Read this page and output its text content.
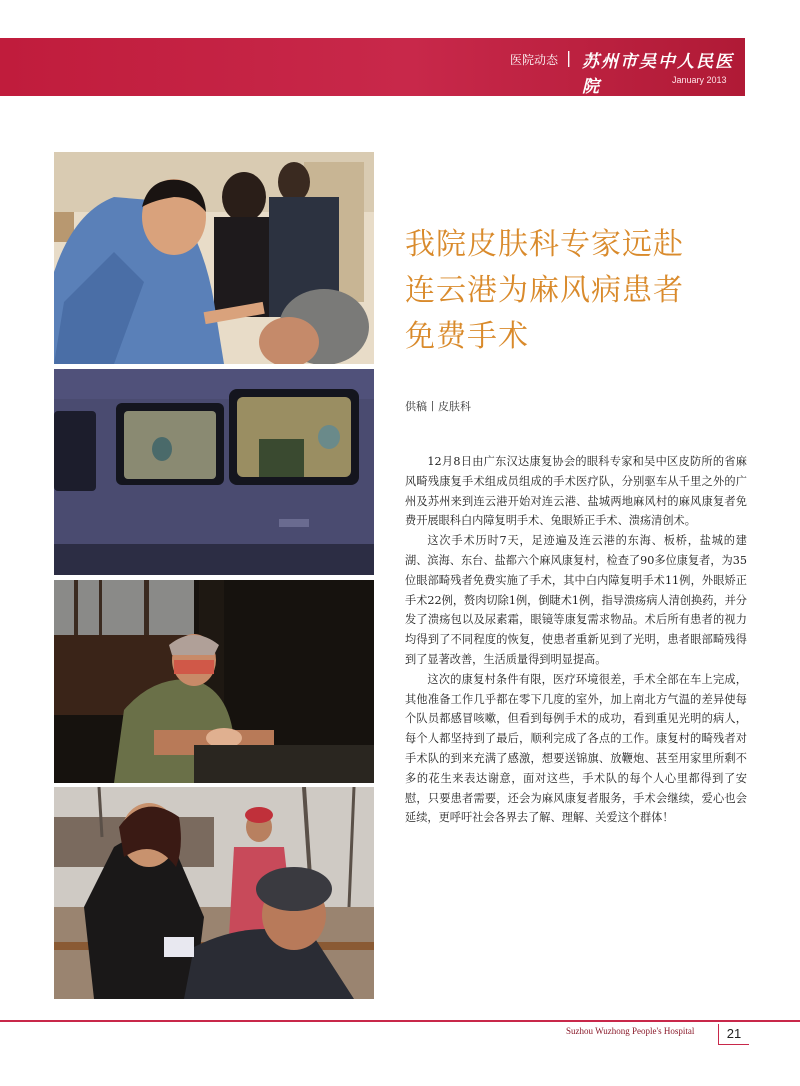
医院动态 | 苏州市吴中人民医院	January 2013
我院皮肤科专家远赴
连云港为麻风病患者
免费手术
供稿丨皮肤科

12月8日由广东汉达康复协会的眼科专家和吴中区皮防所的省麻风畸残康复手术组成员组成的手术医疗队，分别驱车从千里之外的广州及苏州来到连云港开始对连云港、盐城两地麻风村的麻风康复者免费开展眼科白内障复明手术、兔眼矫正手术、溃疡清创术。

这次手术历时7天，足迹遍及连云港的东海、板桥，盐城的建湖、滨海、东台、盐都六个麻风康复村，检查了90多位康复者，为35位眼部畸残者免费实施了手术，其中白内障复明手术11例，外眼矫正手术22例，赘肉切除1例，倒睫术1例，指导溃疡病人清创换药，并分发了溃疡包以及尿素霜，眼镜等康复需求物品。术后所有患者的视力均得到了不同程度的恢复，使患者重新见到了光明，患者眼部畸残得到了显著改善，生活质量得到明显提高。

这次的康复村条件有限，医疗环境很差，手术全部在车上完成，其他准备工作几乎都在零下几度的室外，加上南北方气温的差异使每个队员都感冒咳嗽，但看到每例手术的成功，看到重见光明的病人，每个人都坚持到了最后，顺利完成了各点的工作。康复村的畸残者对手术队的到来充满了感激，想要送锦旗、放鞭炮、甚至用家里所剩不多的花生来表达谢意，面对这些，手术队的每个人心里都得到了安慰，只要患者需要，还会为麻风康复者服务，手术会继续，爱心也会延续，更呼吁社会各界去了解、理解、关爱这个群体！

Suzhou Wuzhong People's Hospital	21
